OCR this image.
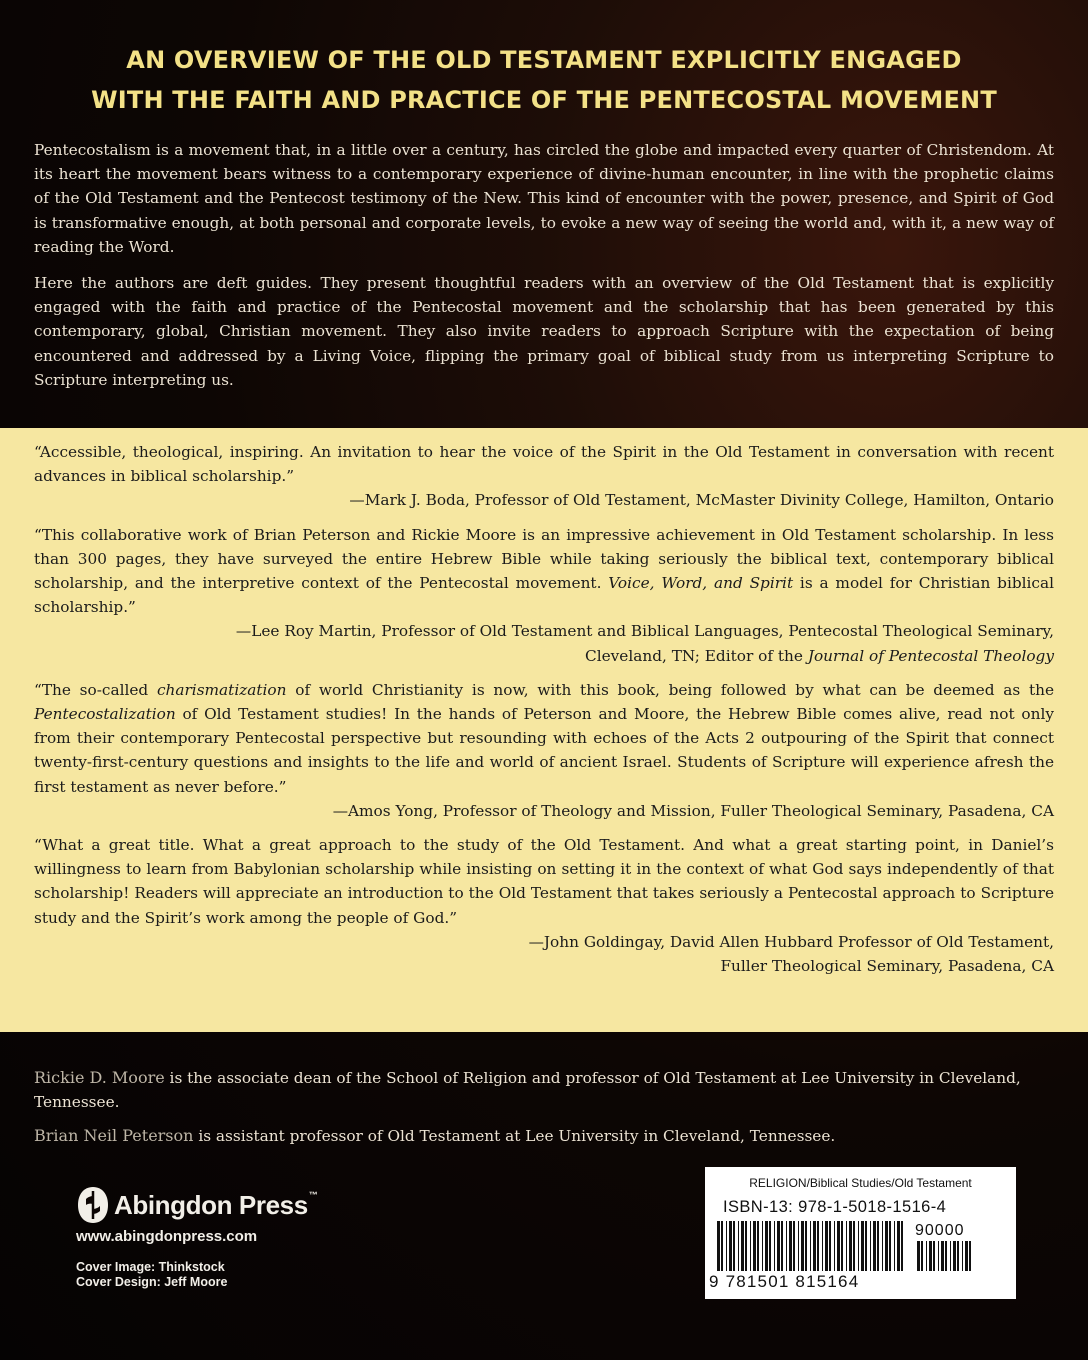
AN OVERVIEW OF THE OLD TESTAMENT EXPLICITLY ENGAGED
WITH THE FAITH AND PRACTICE OF THE PENTECOSTAL MOVEMENT

Pentecostalism is a movement that, in a little over a century, has circled the globe and impacted every quarter of Christendom. At its heart the movement bears witness to a contemporary experience of divine-human encounter, in line with the prophetic claims of the Old Testament and the Pentecost testimony of the New. This kind of encounter with the power, presence, and Spirit of God is transformative enough, at both personal and corporate levels, to evoke a new way of seeing the world and, with it, a new way of reading the Word.

Here the authors are deft guides. They present thoughtful readers with an overview of the Old Testament that is explicitly engaged with the faith and practice of the Pentecostal movement and the scholarship that has been generated by this contemporary, global, Christian movement. They also invite readers to approach Scripture with the expectation of being encountered and addressed by a Living Voice, flipping the primary goal of biblical study from us interpreting Scripture to Scripture interpreting us.

“Accessible, theological, inspiring. An invitation to hear the voice of the Spirit in the Old Testament in conversation with recent advances in biblical scholarship.”

—Mark J. Boda, Professor of Old Testament, McMaster Divinity College, Hamilton, Ontario

“This collaborative work of Brian Peterson and Rickie Moore is an impressive achievement in Old Testament scholarship. In less than 300 pages, they have surveyed the entire Hebrew Bible while taking seriously the biblical text, contemporary biblical scholarship, and the interpretive context of the Pentecostal movement. Voice, Word, and Spirit is a model for Christian biblical scholarship.”

—Lee Roy Martin, Professor of Old Testament and Biblical Languages, Pentecostal Theological Seminary,
Cleveland, TN; Editor of the Journal of Pentecostal Theology

“The so-called charismatization of world Christianity is now, with this book, being followed by what can be deemed as the Pentecostalization of Old Testament studies! In the hands of Peterson and Moore, the Hebrew Bible comes alive, read not only from their contemporary Pentecostal perspective but resounding with echoes of the Acts 2 outpouring of the Spirit that connect twenty-first-century questions and insights to the life and world of ancient Israel. Students of Scripture will experience afresh the first testament as never before.”

—Amos Yong, Professor of Theology and Mission, Fuller Theological Seminary, Pasadena, CA

“What a great title. What a great approach to the study of the Old Testament. And what a great starting point, in Daniel’s willingness to learn from Babylonian scholarship while insisting on setting it in the context of what God says independently of that scholarship! Readers will appreciate an introduction to the Old Testament that takes seriously a Pentecostal approach to Scripture study and the Spirit’s work among the people of God.”

—John Goldingay, David Allen Hubbard Professor of Old Testament,
Fuller Theological Seminary, Pasadena, CA

Rickie D. Moore is the associate dean of the School of Religion and professor of Old Testament at Lee University in Cleveland, Tennessee.

Brian Neil Peterson is assistant professor of Old Testament at Lee University in Cleveland, Tennessee.

Abingdon Press™
www.abingdonpress.com
Cover Image: Thinkstock
Cover Design: Jeff Moore
RELIGION/Biblical Studies/Old Testament
ISBN-13: 978-1-5018-1516-4
90000
9 781501 815164
